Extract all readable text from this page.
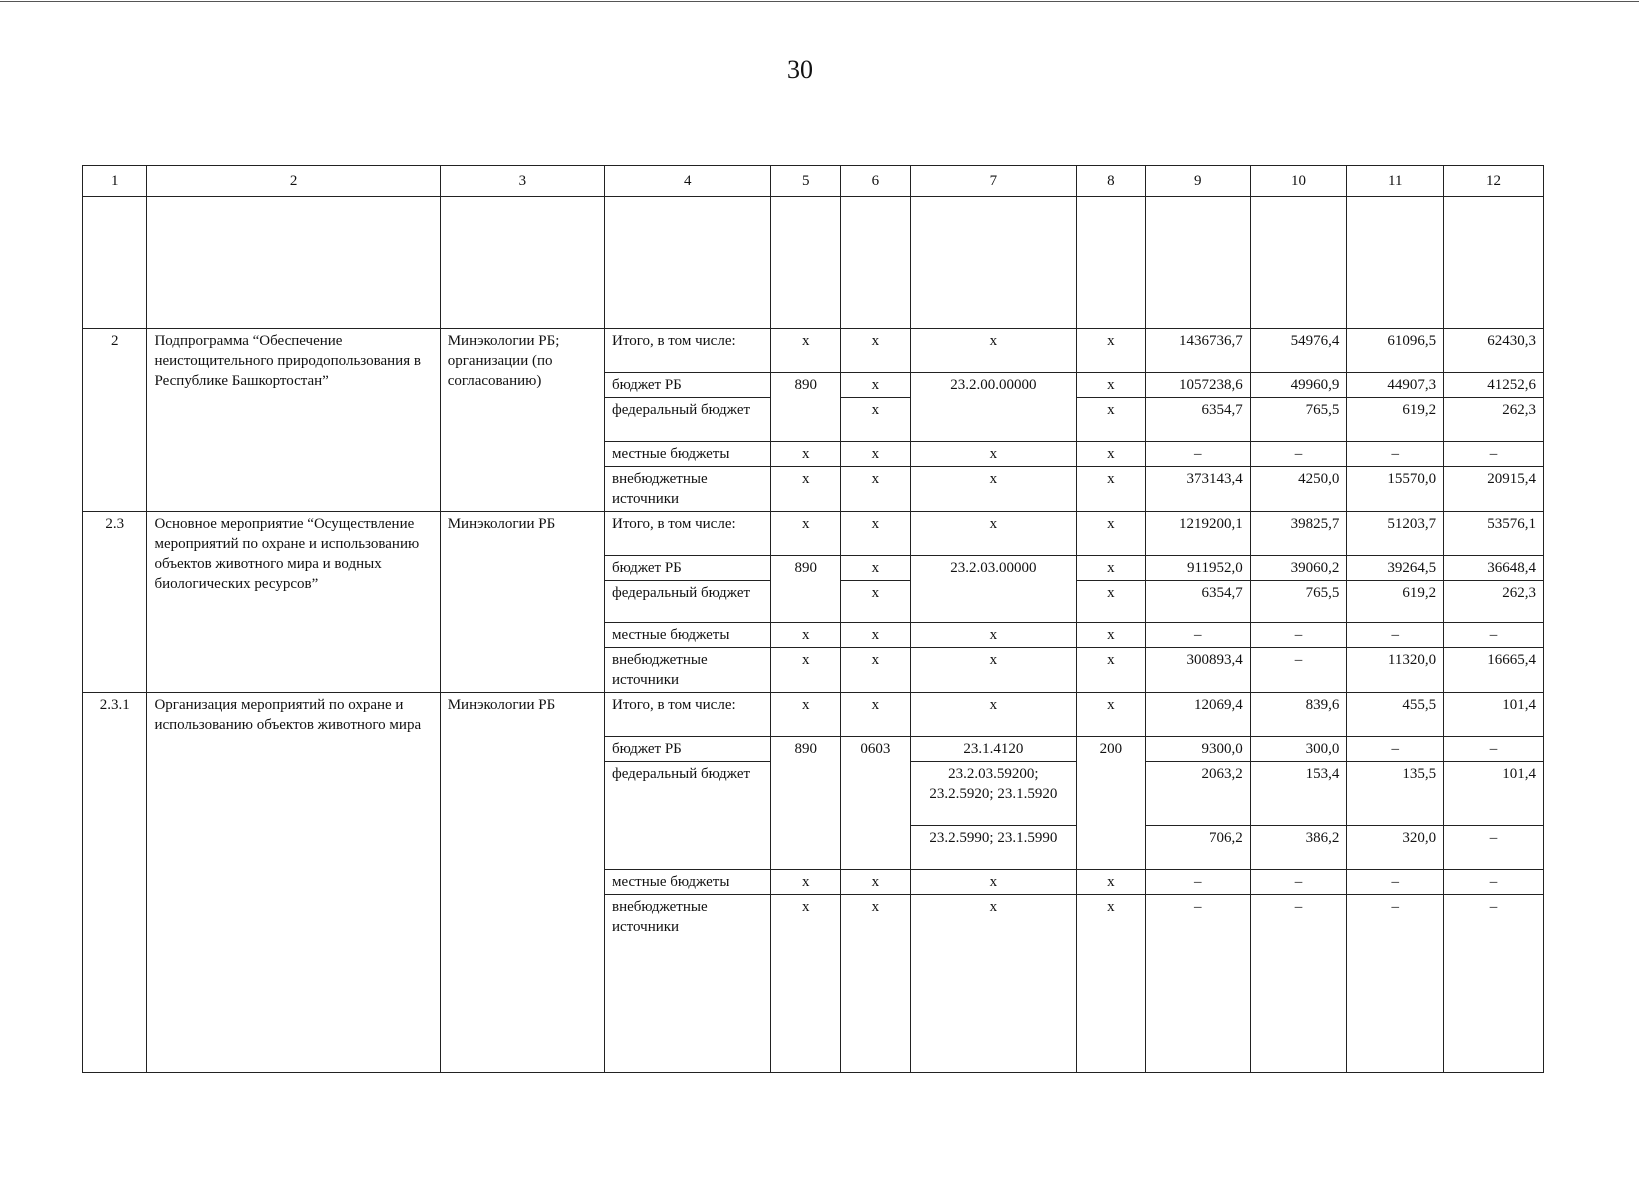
30
1	2	3	4	5	6	7	8	9	10	11	12

2	Подпрограмма “Обеспечение неистощительного природопользования в Республике Башкортостан”	Минэкологии РБ; организации (по согласованию)	Итого, в том числе:	x	x	x	x	1436736,7	54976,4	61096,5	62430,3
			бюджет РБ	890	x	23.2.00.00000	x	1057238,6	49960,9	44907,3	41252,6
			федеральный бюджет		x		x	6354,7	765,5	619,2	262,3
			местные бюджеты	x	x	x	x	–	–	–	–
			внебюджетные источники	x	x	x	x	373143,4	4250,0	15570,0	20915,4
2.3	Основное мероприятие “Осуществление мероприятий по охране и использованию объектов животного мира и водных биологических ресурсов”	Минэкологии РБ	Итого, в том числе:	x	x	x	x	1219200,1	39825,7	51203,7	53576,1
			бюджет РБ	890	x	23.2.03.00000	x	911952,0	39060,2	39264,5	36648,4
			федеральный бюджет		x		x	6354,7	765,5	619,2	262,3
			местные бюджеты	x	x	x	x	–	–	–	–
			внебюджетные источники	x	x	x	x	300893,4	–	11320,0	16665,4
2.3.1	Организация мероприятий по охране и использованию объектов животного мира	Минэкологии РБ	Итого, в том числе:	x	x	x	x	12069,4	839,6	455,5	101,4
			бюджет РБ	890	0603	23.1.4120	200	9300,0	300,0	–	–
			федеральный бюджет			23.2.03.59200; 23.2.5920; 23.1.5920		2063,2	153,4	135,5	101,4
						23.2.5990; 23.1.5990		706,2	386,2	320,0	–
			местные бюджеты	x	x	x	x	–	–	–	–
			внебюджетные источники	x	x	x	x	–	–	–	–
